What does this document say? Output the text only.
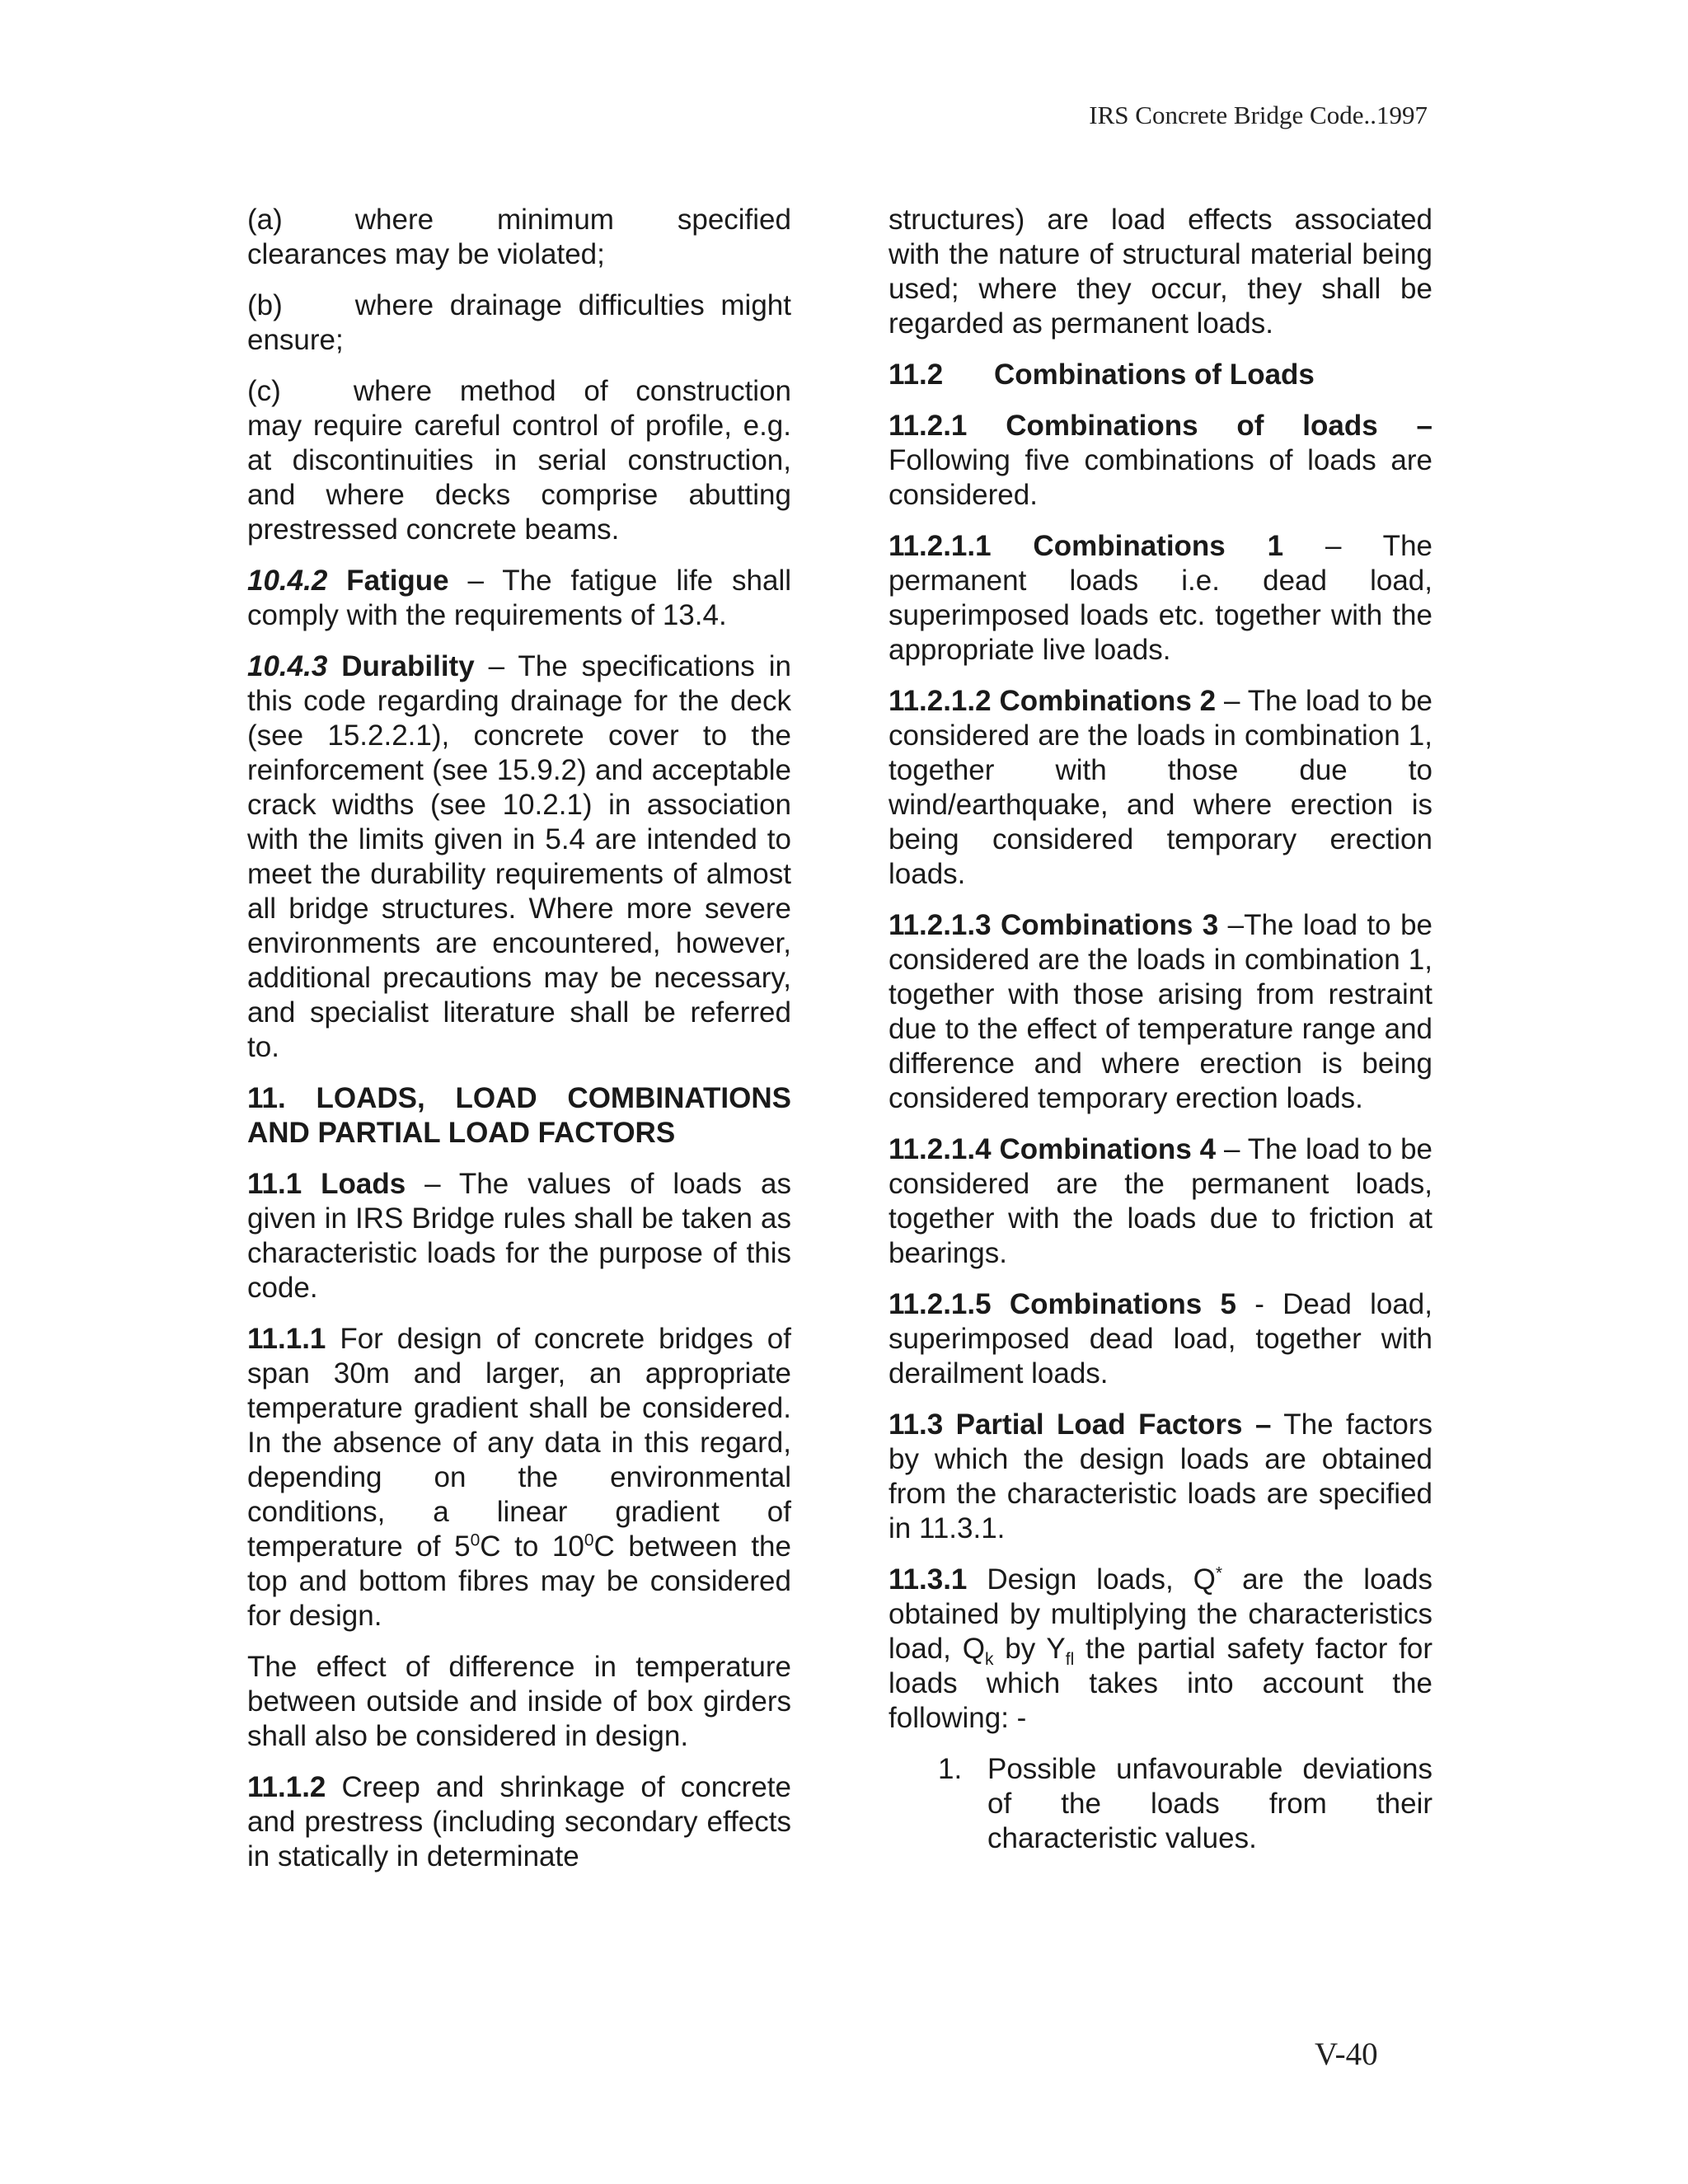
IRS Concrete Bridge Code..1997

(a)	where minimum specified clearances may be violated;

(b)	where drainage difficulties might ensure;

(c)	where method of construction may require careful control of profile, e.g. at discontinuities in serial construction, and where decks comprise abutting prestressed concrete beams.

10.4.2 Fatigue – The fatigue life shall comply with the requirements of 13.4.

10.4.3 Durability – The specifications in this code regarding drainage for the deck (see 15.2.2.1), concrete cover to the reinforcement (see 15.9.2) and acceptable crack widths (see 10.2.1) in association with the limits given in 5.4 are intended to meet the durability requirements of almost all bridge structures. Where more severe environments are encountered, however, additional precautions may be necessary, and specialist literature shall be referred to.

11. LOADS, LOAD COMBINATIONS AND PARTIAL LOAD FACTORS

11.1 Loads – The values of loads as given in IRS Bridge rules shall be taken as characteristic loads for the purpose of this code.

11.1.1 For design of concrete bridges of span 30m and larger, an appropriate temperature gradient shall be considered. In the absence of any data in this regard, depending on the environmental conditions, a linear gradient of temperature of $5^0C$ to $10^0C$ between the top and bottom fibres may be considered for design.

The effect of difference in temperature between outside and inside of box girders shall also be considered in design.

11.1.2 Creep and shrinkage of concrete and prestress (including secondary effects in statically in determinate

structures) are load effects associated with the nature of structural material being used; where they occur, they shall be regarded as permanent loads.

11.2 Combinations of Loads

11.2.1 Combinations of loads – Following five combinations of loads are considered.

11.2.1.1 Combinations 1 – The permanent loads i.e. dead load, superimposed loads etc. together with the appropriate live loads.

11.2.1.2 Combinations 2 – The load to be considered are the loads in combination 1, together with those due to wind/earthquake, and where erection is being considered temporary erection loads.

11.2.1.3 Combinations 3 –The load to be considered are the loads in combination 1, together with those arising from restraint due to the effect of temperature range and difference and where erection is being considered temporary erection loads.

11.2.1.4 Combinations 4 – The load to be considered are the permanent loads, together with the loads due to friction at bearings.

11.2.1.5 Combinations 5 - Dead load, superimposed dead load, together with derailment loads.

11.3 Partial Load Factors – The factors by which the design loads are obtained from the characteristic loads are specified in 11.3.1.

11.3.1 Design loads, Q* are the loads obtained by multiplying the characteristics load, $Q_k$ by $Y_{fl}$ the partial safety factor for loads which takes into account the following: -

1. Possible unfavourable deviations of the loads from their characteristic values.
V-40
